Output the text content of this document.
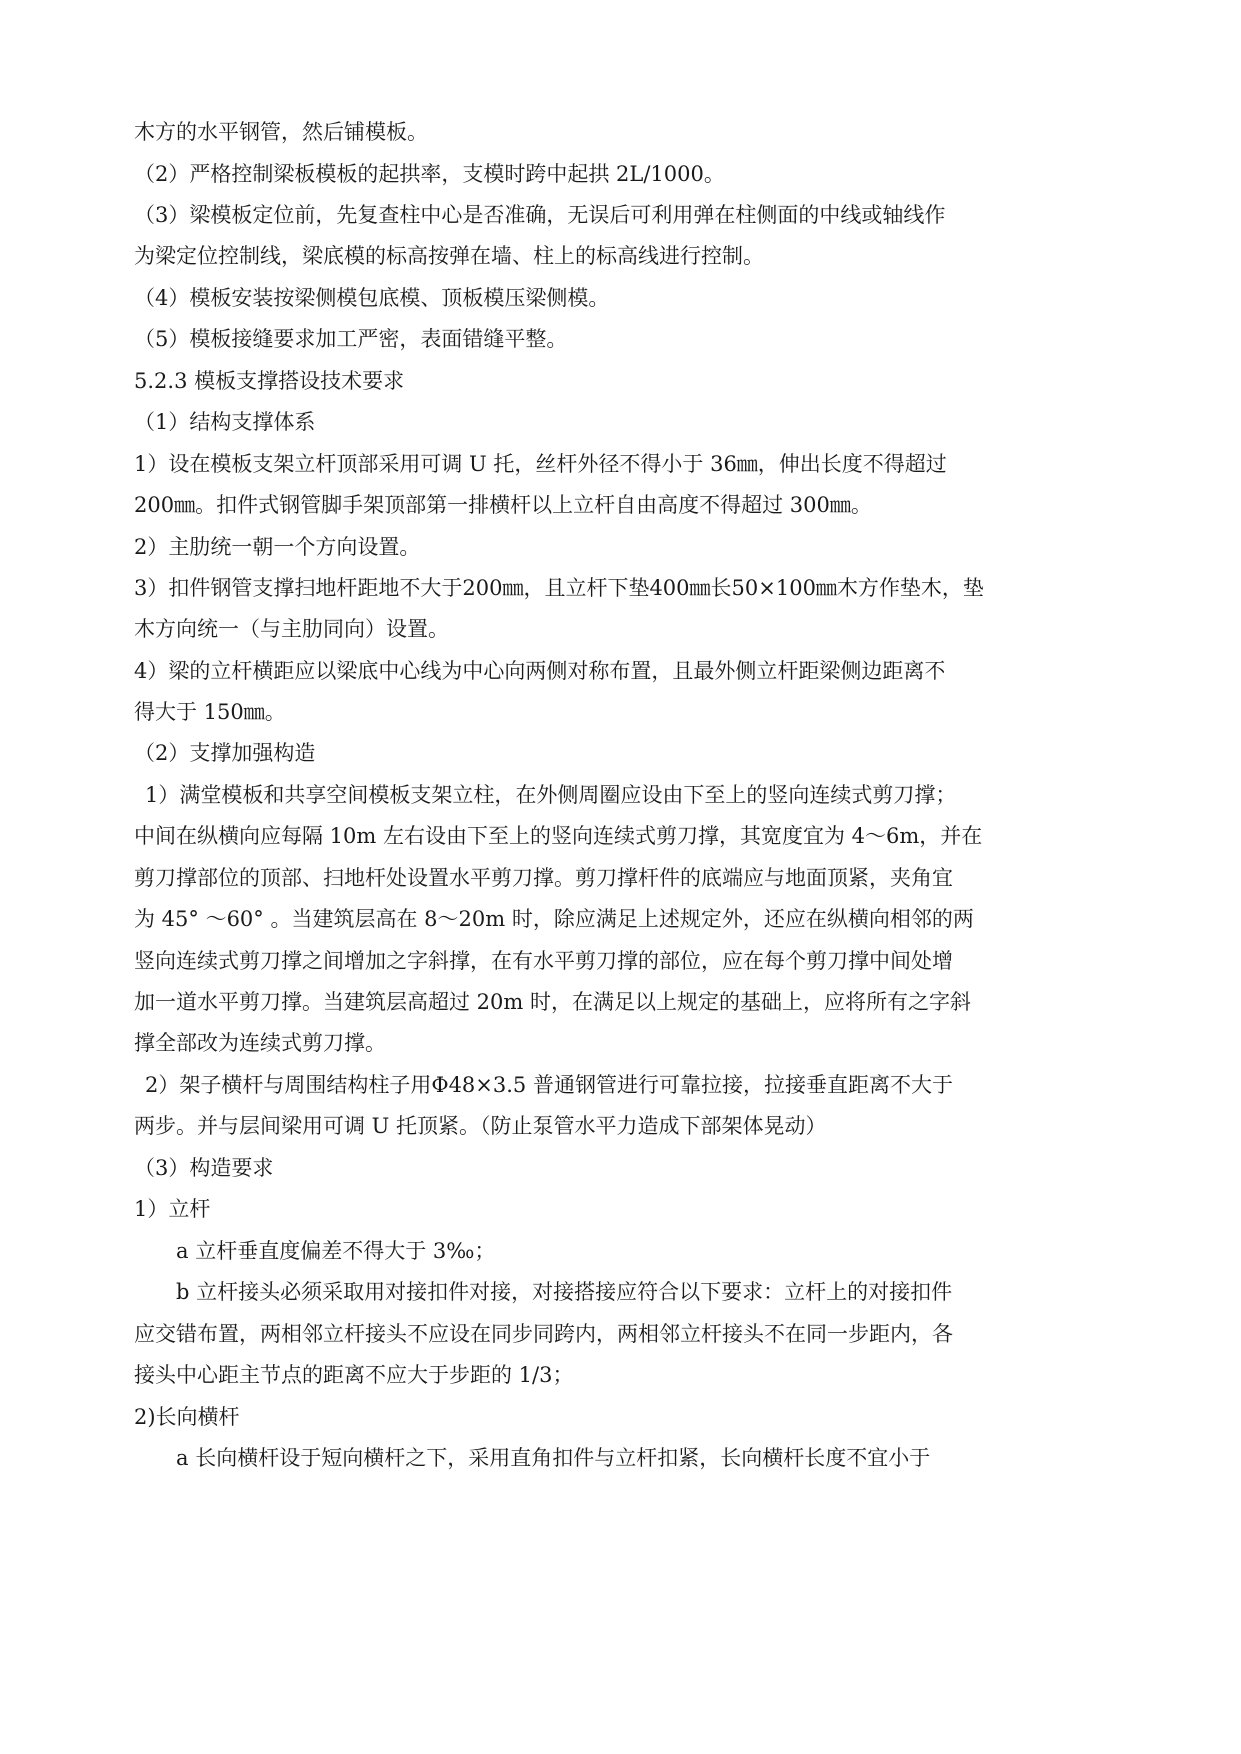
木方的水平钢管，然后铺模板。
（2）严格控制梁板模板的起拱率，支模时跨中起拱 2L/1000。
（3）梁模板定位前，先复查柱中心是否准确，无误后可利用弹在柱侧面的中线或轴线作
为梁定位控制线，梁底模的标高按弹在墙、柱上的标高线进行控制。
（4）模板安装按梁侧模包底模、顶板模压梁侧模。
（5）模板接缝要求加工严密，表面错缝平整。
5.2.3 模板支撑搭设技术要求
（1）结构支撑体系
1）设在模板支架立杆顶部采用可调 U 托，丝杆外径不得小于 36㎜，伸出长度不得超过
200㎜。扣件式钢管脚手架顶部第一排横杆以上立杆自由高度不得超过 300㎜。
2）主肋统一朝一个方向设置。
3）扣件钢管支撑扫地杆距地不大于200㎜，且立杆下垫400㎜长50×100㎜木方作垫木，垫
木方向统一（与主肋同向）设置。
4）梁的立杆横距应以梁底中心线为中心向两侧对称布置，且最外侧立杆距梁侧边距离不
得大于 150㎜。
（2）支撑加强构造
1）满堂模板和共享空间模板支架立柱，在外侧周圈应设由下至上的竖向连续式剪刀撑；
中间在纵横向应每隔 10m 左右设由下至上的竖向连续式剪刀撑，其宽度宜为 4～6m，并在
剪刀撑部位的顶部、扫地杆处设置水平剪刀撑。剪刀撑杆件的底端应与地面顶紧，夹角宜
为 45° ～60° 。当建筑层高在 8～20m 时，除应满足上述规定外，还应在纵横向相邻的两
竖向连续式剪刀撑之间增加之字斜撑，在有水平剪刀撑的部位，应在每个剪刀撑中间处增
加一道水平剪刀撑。当建筑层高超过 20m 时，在满足以上规定的基础上，应将所有之字斜
撑全部改为连续式剪刀撑。
2）架子横杆与周围结构柱子用Φ48×3.5 普通钢管进行可靠拉接，拉接垂直距离不大于
两步。并与层间梁用可调 U 托顶紧。（防止泵管水平力造成下部架体晃动）
（3）构造要求
1）立杆
a 立杆垂直度偏差不得大于 3‰；
b 立杆接头必须采取用对接扣件对接，对接搭接应符合以下要求：立杆上的对接扣件
应交错布置，两相邻立杆接头不应设在同步同跨内，两相邻立杆接头不在同一步距内，各
接头中心距主节点的距离不应大于步距的 1/3；
2)长向横杆
a 长向横杆设于短向横杆之下，采用直角扣件与立杆扣紧，长向横杆长度不宜小于
